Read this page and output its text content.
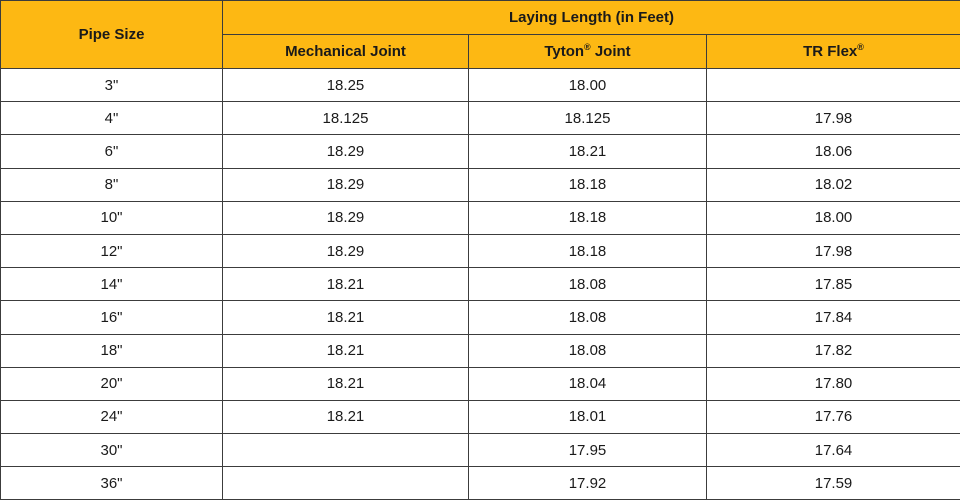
Pipe Size	Laying Length (in Feet)		
	Mechanical Joint	Tyton® Joint	TR Flex®
3"	18.25	18.00	
4"	18.125	18.125	17.98
6"	18.29	18.21	18.06
8"	18.29	18.18	18.02
10"	18.29	18.18	18.00
12"	18.29	18.18	17.98
14"	18.21	18.08	17.85
16"	18.21	18.08	17.84
18"	18.21	18.08	17.82
20"	18.21	18.04	17.80
24"	18.21	18.01	17.76
30"		17.95	17.64
36"		17.92	17.59
